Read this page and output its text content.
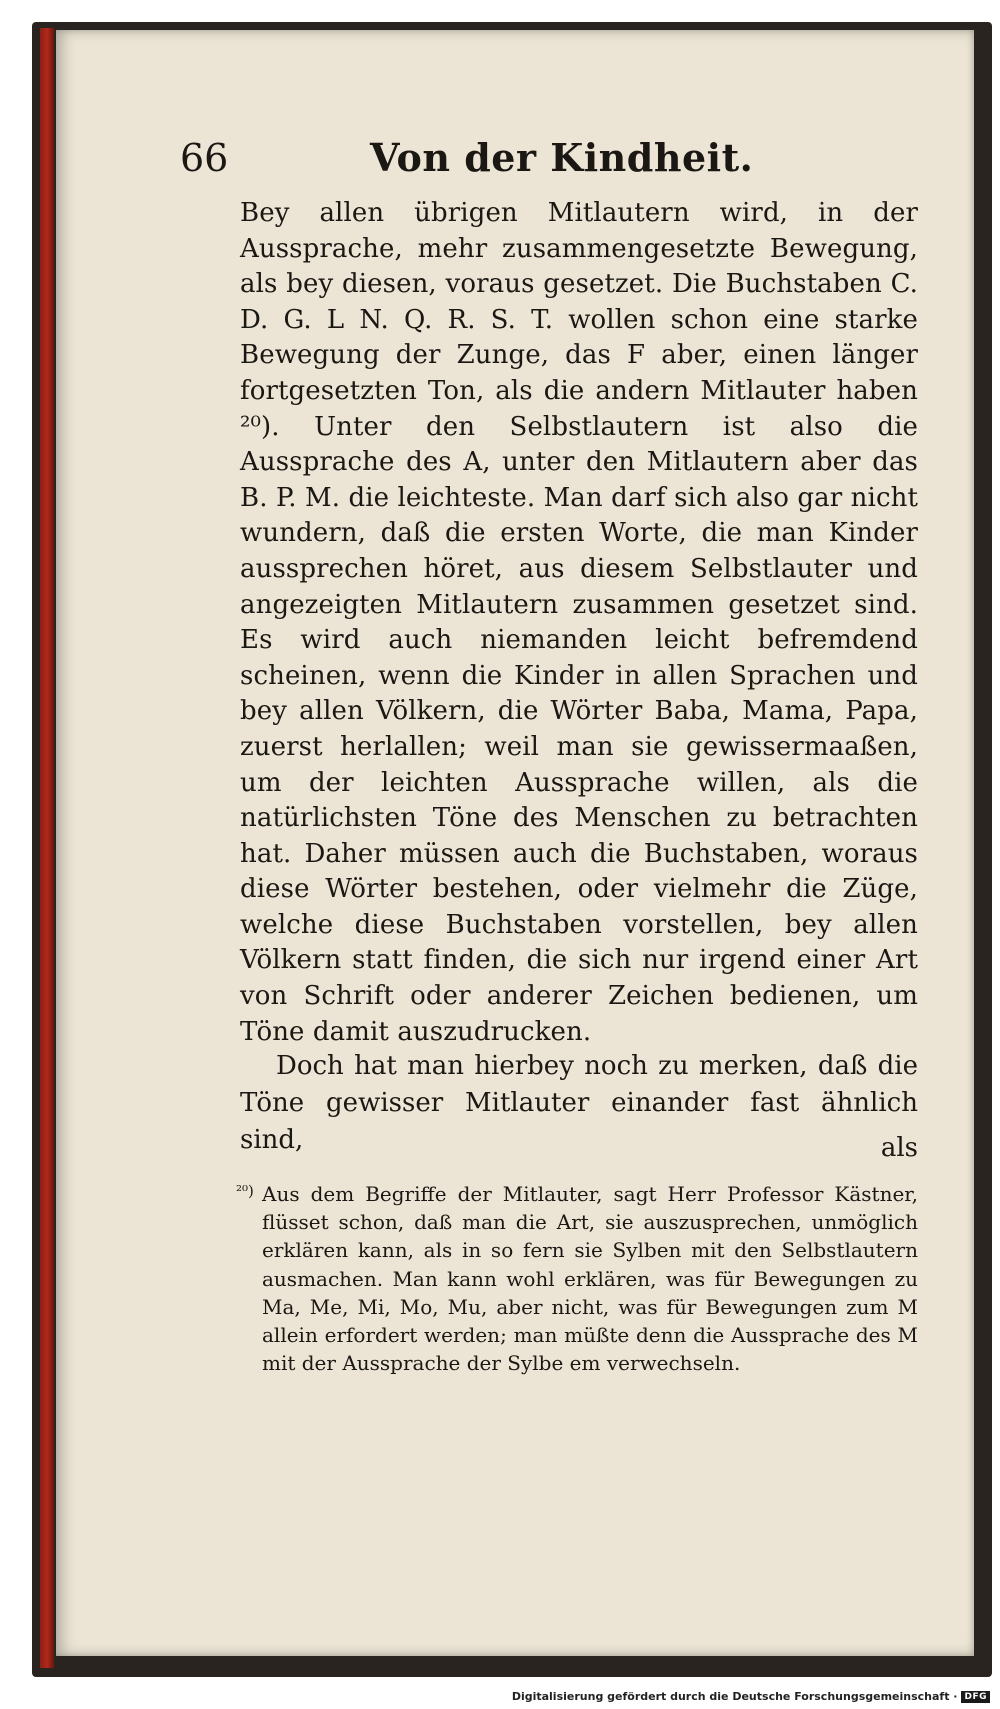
66	Von der Kindheit.

Bey allen übrigen Mitlautern wird, in der Aussprache, mehr zusammengesetzte Bewegung, als bey diesen, voraus gesetzet. Die Buchstaben C. D. G. L N. Q. R. S. T. wollen schon eine starke Bewegung der Zunge, das F aber, einen länger fortgesetzten Ton, als die andern Mitlauter haben ²⁰). Unter den Selbstlautern ist also die Aussprache des A, unter den Mitlautern aber das B. P. M. die leichteste. Man darf sich also gar nicht wundern, daß die ersten Worte, die man Kinder aussprechen höret, aus diesem Selbstlauter und angezeigten Mitlautern zusammen gesetzet sind. Es wird auch niemanden leicht befremdend scheinen, wenn die Kinder in allen Sprachen und bey allen Völkern, die Wörter Baba, Mama, Papa, zuerst herlallen; weil man sie gewissermaaßen, um der leichten Aussprache willen, als die natürlichsten Töne des Menschen zu betrachten hat. Daher müssen auch die Buchstaben, woraus diese Wörter bestehen, oder vielmehr die Züge, welche diese Buchstaben vorstellen, bey allen Völkern statt finden, die sich nur irgend einer Art von Schrift oder anderer Zeichen bedienen, um Töne damit auszudrucken.

Doch hat man hierbey noch zu merken, daß die Töne gewisser Mitlauter einander fast ähnlich sind,	als
²⁰) Aus dem Begriffe der Mitlauter, sagt Herr Professor Kästner, flüsset schon, daß man die Art, sie auszusprechen, unmöglich erklären kann, als in so fern sie Sylben mit den Selbstlautern ausmachen. Man kann wohl erklären, was für Bewegungen zu Ma, Me, Mi, Mo, Mu, aber nicht, was für Bewegungen zum M allein erfordert werden; man müßte denn die Aussprache des M mit der Aussprache der Sylbe em verwechseln.
Digitalisierung gefördert durch die Deutsche Forschungsgemeinschaft · DFG
